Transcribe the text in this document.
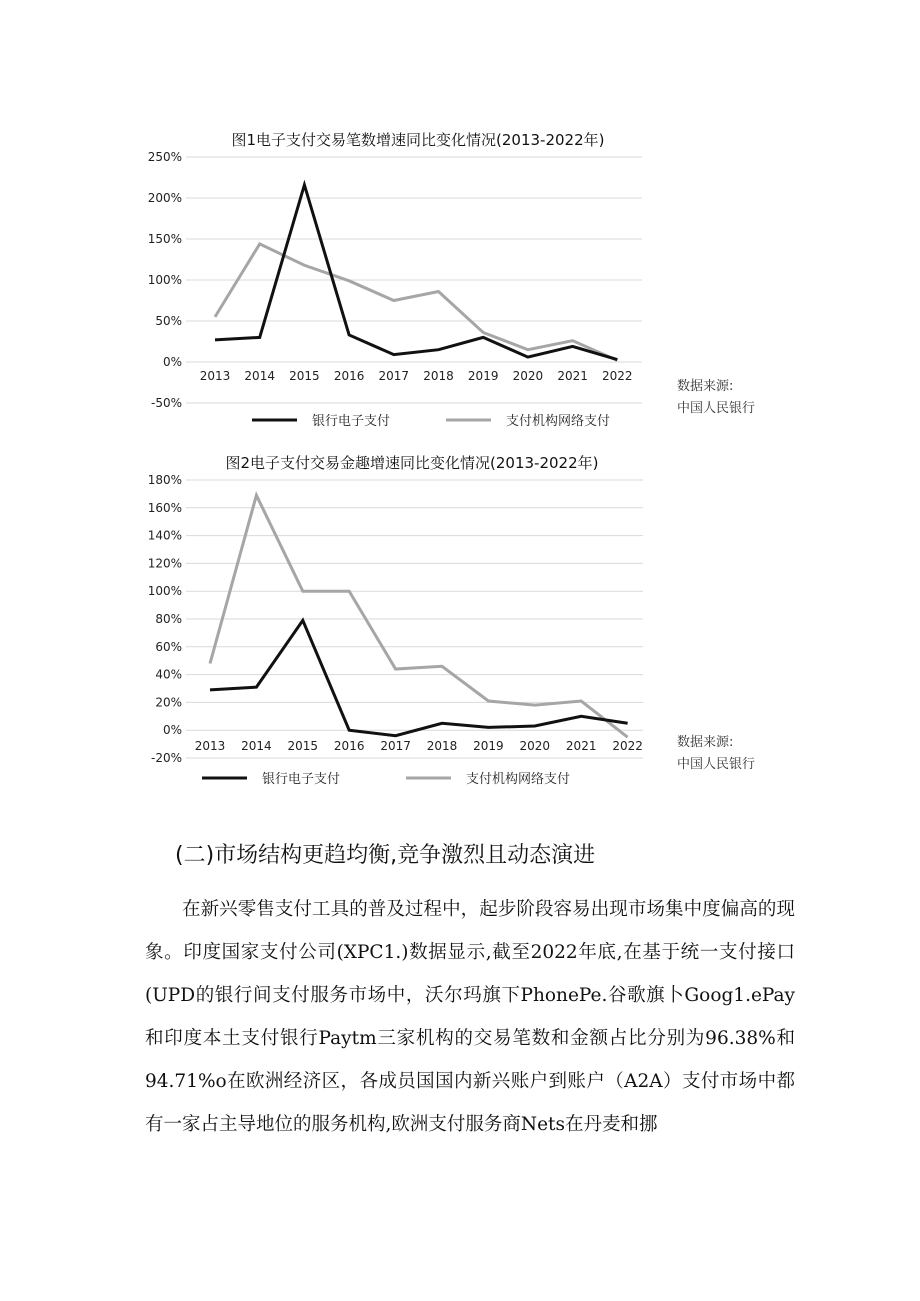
图1电子支付交易笔数增速同比变化情况(2013-2022年)
250%
200%
150%
100%
50%
0%
-50%
2013 2014 2015 2016 2017 2018 2019 2020 2021 2022
银行电子支付	支付机构网络支付
数据来源:
中国人民银行
图2电子支付交易金趣增速同比变化情况(2013-2022年)
180%
160%
140%
120%
100%
80%
60%
40%
20%
0%
-20%
2013 2014 2015 2016 2017 2018 2019 2020 2021 2022
银行电子支付	支付机构网络支付
数据来源:
中国人民银行
(二)市场结构更趋均衡,竞争激烈且动态演进

在新兴零售支付工具的普及过程中，起步阶段容易出现市场集中度偏高的现象。印度国家支付公司(XPC1.)数据显示,截至2022年底,在基于统一支付接口(UPD的银行间支付服务市场中，沃尔玛旗下PhonePe.谷歌旗卜Goog1.ePay和印度本土支付银行Paytm三家机构的交易笔数和金额占比分别为96.38%和94.71%o在欧洲经济区，各成员国国内新兴账户到账户（A2A）支付市场中都有一家占主导地位的服务机构,欧洲支付服务商Nets在丹麦和挪
